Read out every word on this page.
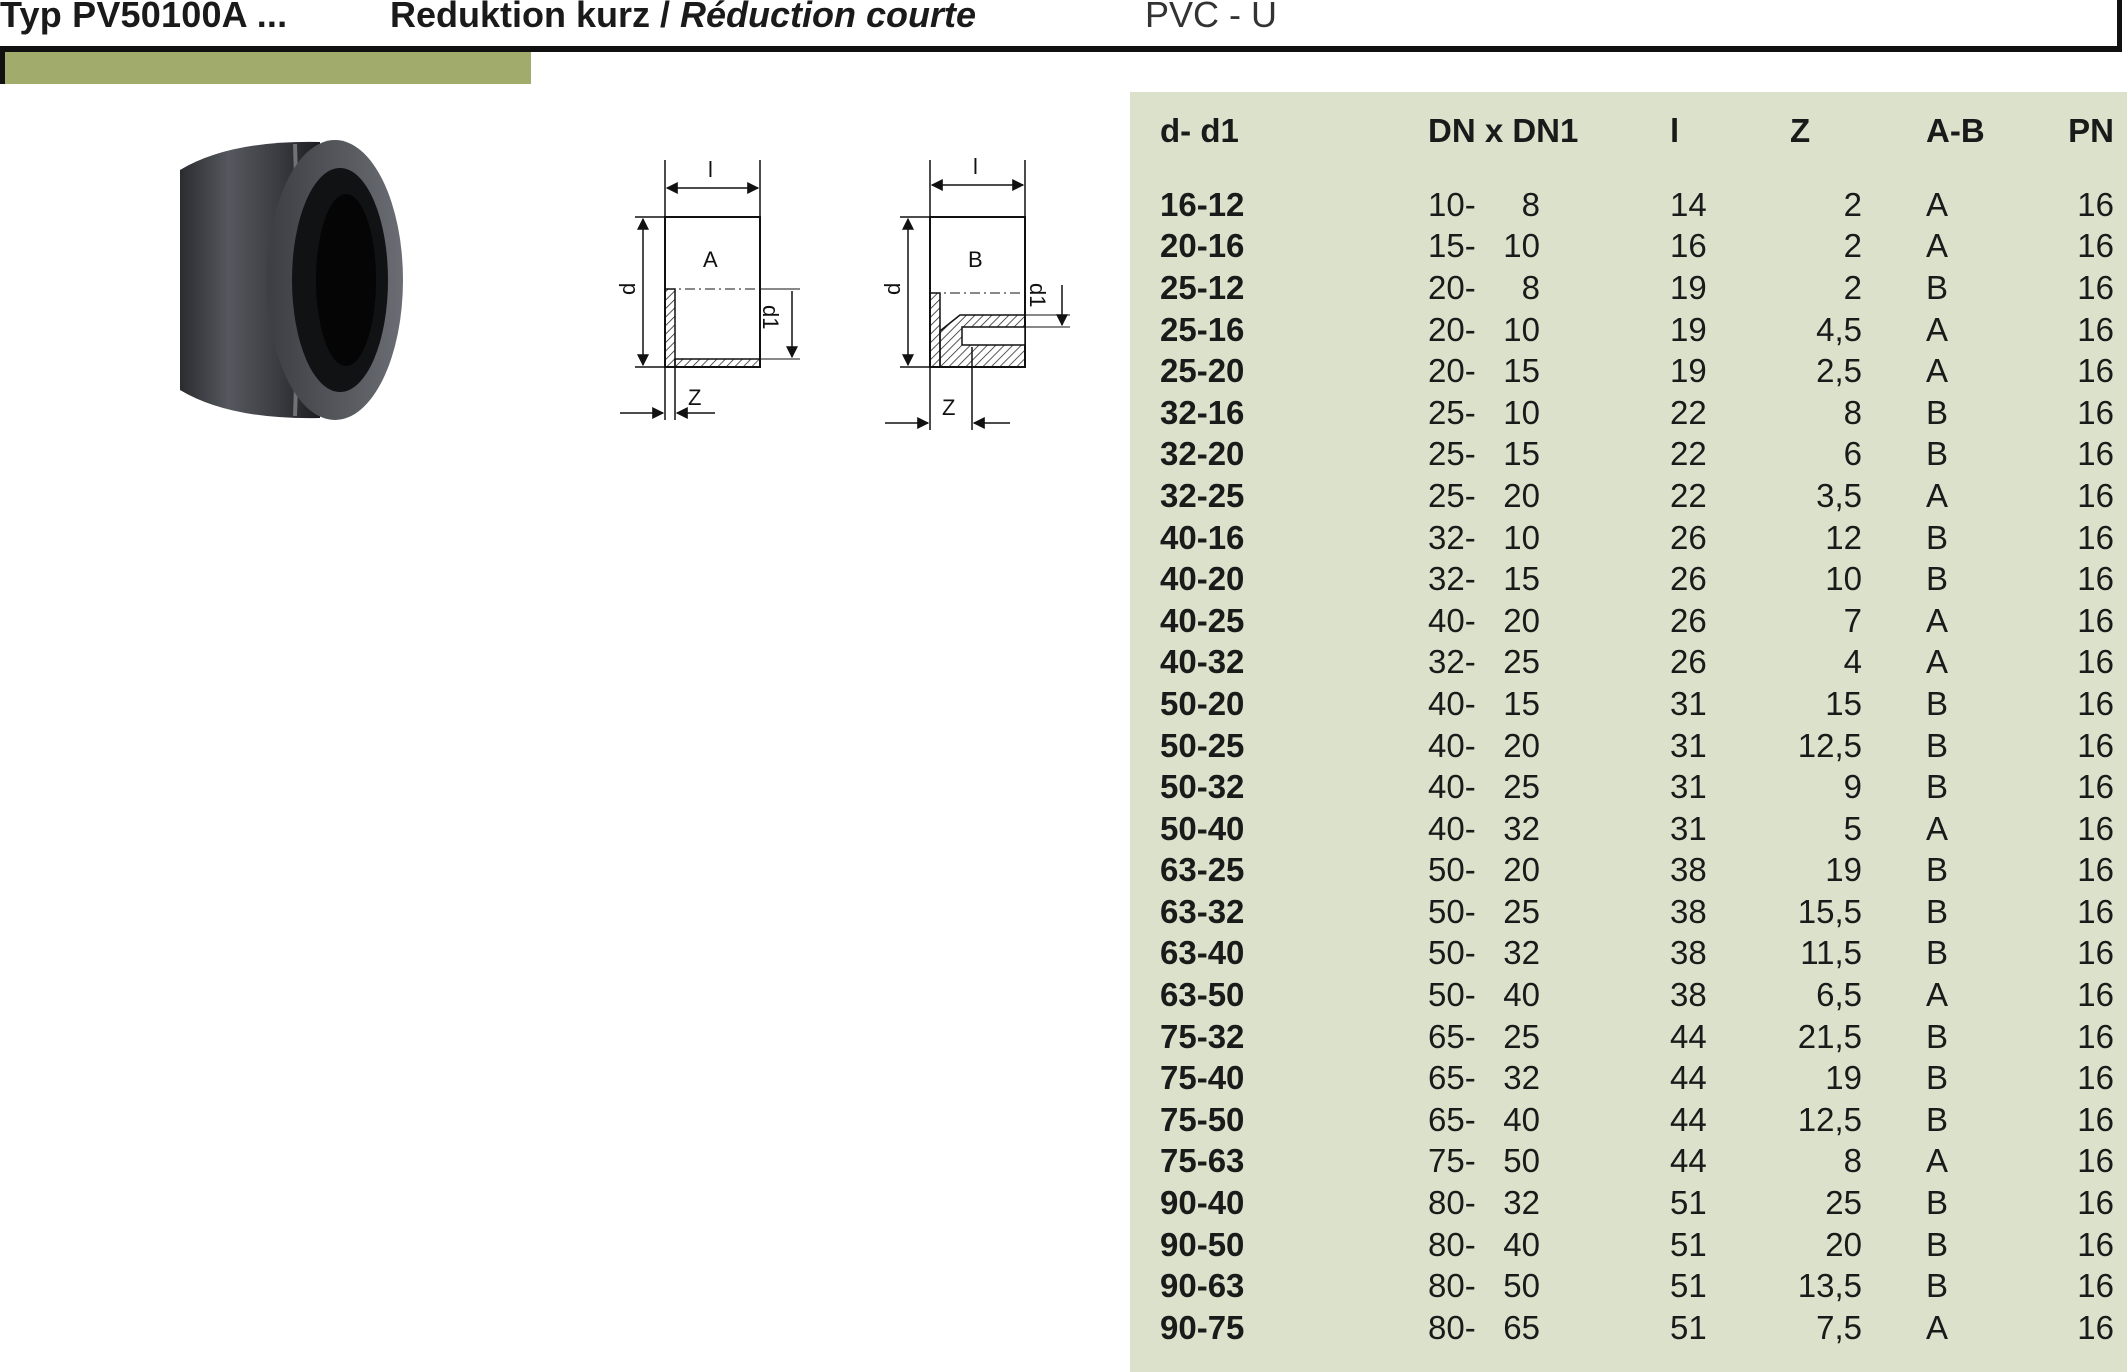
Typ PV50100A ...	Reduktion kurz / Réduction courte	PVC - U
l
A
d
d1
Z
l
B
d	d1
Z
d- d1	DN x DN1	l	Z	A-B	PN

16-12	10- 8	14	2	A	16
20-16	15- 10	16	2	A	16
25-12	20- 8	19	2	B	16
25-16	20- 10	19	4,5	A	16
25-20	20- 15	19	2,5	A	16
32-16	25- 10	22	8	B	16
32-20	25- 15	22	6	B	16
32-25	25- 20	22	3,5	A	16
40-16	32- 10	26	12	B	16
40-20	32- 15	26	10	B	16
40-25	40- 20	26	7	A	16
40-32	32- 25	26	4	A	16
50-20	40- 15	31	15	B	16
50-25	40- 20	31	12,5	B	16
50-32	40- 25	31	9	B	16
50-40	40- 32	31	5	A	16
63-25	50- 20	38	19	B	16
63-32	50- 25	38	15,5	B	16
63-40	50- 32	38	11,5	B	16
63-50	50- 40	38	6,5	A	16
75-32	65- 25	44	21,5	B	16
75-40	65- 32	44	19	B	16
75-50	65- 40	44	12,5	B	16
75-63	75- 50	44	8	A	16
90-40	80- 32	51	25	B	16
90-50	80- 40	51	20	B	16
90-63	80- 50	51	13,5	B	16
90-75	80- 65	51	7,5	A	16
